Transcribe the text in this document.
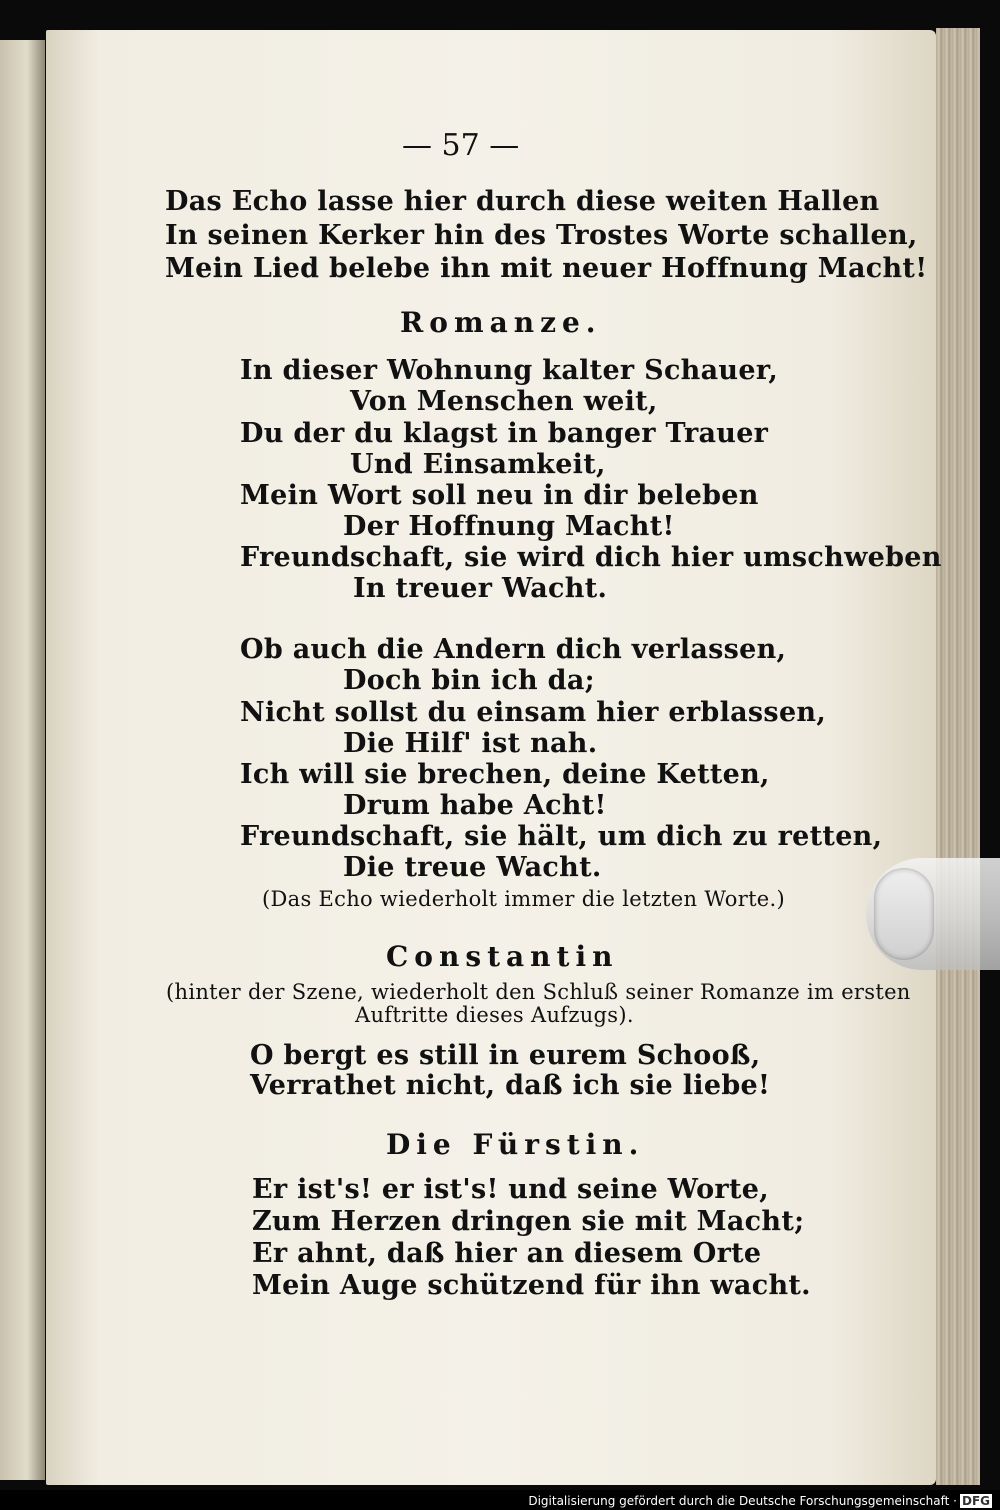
— 57 —
Das Echo lasse hier durch diese weiten Hallen
In seinen Kerker hin des Trostes Worte schallen,
Mein Lied belebe ihn mit neuer Hoffnung Macht!
Romanze.
In dieser Wohnung kalter Schauer,
Von Menschen weit,
Du der du klagst in banger Trauer
Und Einsamkeit,
Mein Wort soll neu in dir beleben
Der Hoffnung Macht!
Freundschaft, sie wird dich hier umschweben
In treuer Wacht.
Ob auch die Andern dich verlassen,
Doch bin ich da;
Nicht sollst du einsam hier erblassen,
Die Hilf' ist nah.
Ich will sie brechen, deine Ketten,
Drum habe Acht!
Freundschaft, sie hält, um dich zu retten,
Die treue Wacht.
(Das Echo wiederholt immer die letzten Worte.)
Constantin
(hinter der Szene, wiederholt den Schluß seiner Romanze im ersten
Auftritte dieses Aufzugs).
O bergt es still in eurem Schooß,
Verrathet nicht, daß ich sie liebe!
Die Fürstin.
Er ist's! er ist's! und seine Worte,
Zum Herzen dringen sie mit Macht;
Er ahnt, daß hier an diesem Orte
Mein Auge schützend für ihn wacht.
Digitalisierung gefördert durch die Deutsche Forschungsgemeinschaft · DFG
